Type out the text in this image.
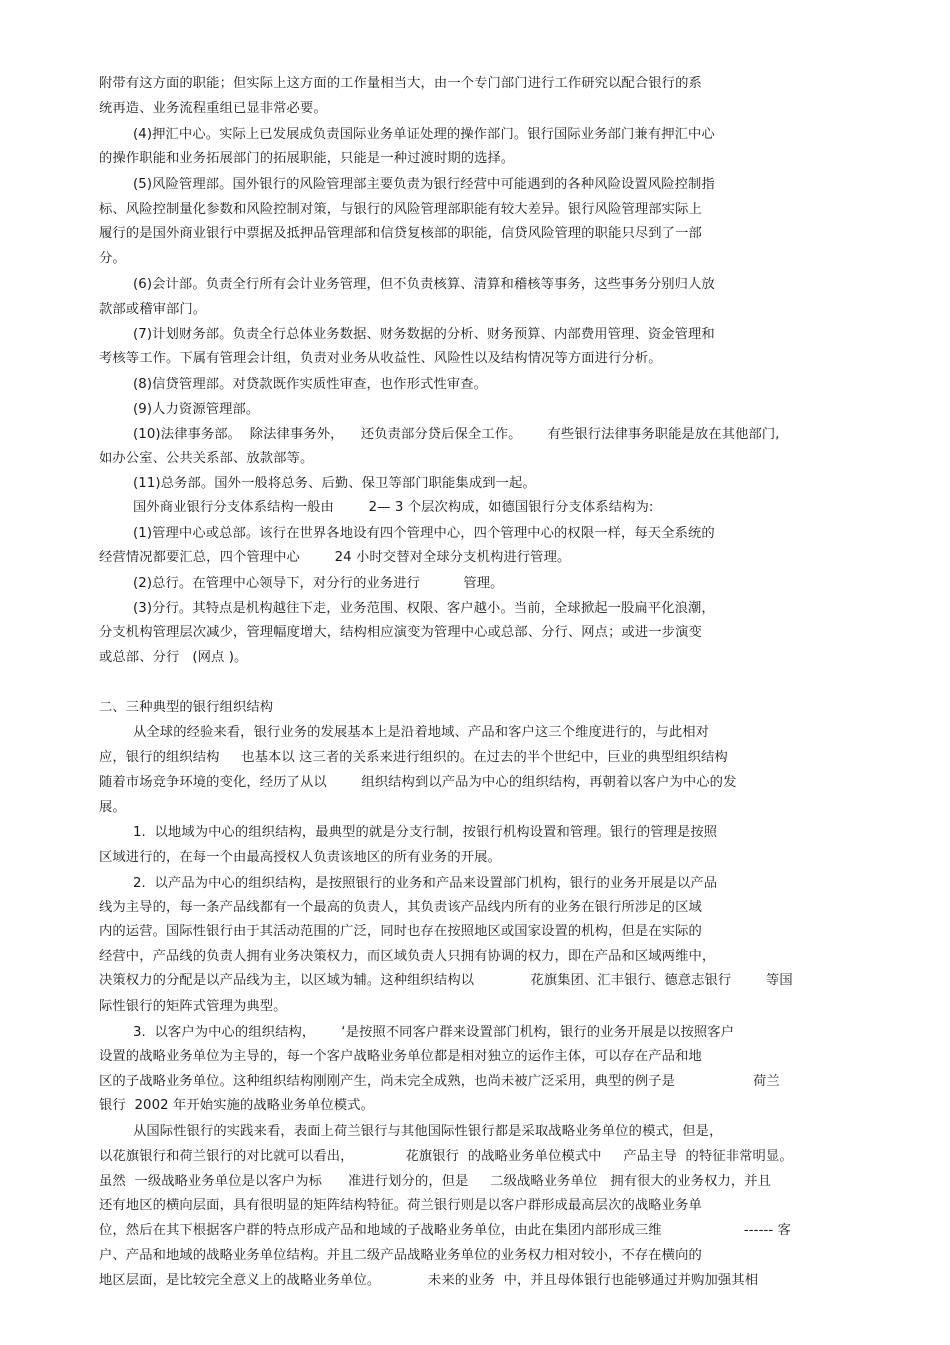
附带有这方面的职能；但实际上这方面的工作量相当大，由一个专门部门进行工作研究以配合银行的系
统再造、业务流程重组已显非常必要。
(4)押汇中心。实际上已发展成负责国际业务单证处理的操作部门。银行国际业务部门兼有押汇中心
的操作职能和业务拓展部门的拓展职能，只能是一种过渡时期的选择。
(5)风险管理部。国外银行的风险管理部主要负责为银行经营中可能遇到的各种风险设置风险控制指
标、风险控制量化参数和风险控制对策，与银行的风险管理部职能有较大差异。银行风险管理部实际上
履行的是国外商业银行中票据及抵押品管理部和信贷复核部的职能，信贷风险管理的职能只尽到了一部
分。
(6)会计部。负责全行所有会计业务管理，但不负责核算、清算和稽核等事务，这些事务分别归人放
款部或稽审部门。
(7)计划财务部。负责全行总体业务数据、财务数据的分析、财务预算、内部费用管理、资金管理和
考核等工作。下属有管理会计组，负责对业务从收益性、风险性以及结构情况等方面进行分析。
(8)信贷管理部。对贷款既作实质性审查，也作形式性审查。
(9)人力资源管理部。
(10)法律事务部。  除法律事务外，    还负责部分贷后保全工作。      有些银行法律事务职能是放在其他部门,
如办公室、公共关系部、放款部等。
(11)总务部。国外一般将总务、后勤、保卫等部门职能集成到一起。
国外商业银行分支体系结构一般由        2— 3 个层次构成，如德国银行分支体系结构为:
(1)管理中心或总部。该行在世界各地设有四个管理中心，四个管理中心的权限一样，每天全系统的
经营情况都要汇总，四个管理中心        24 小时交替对全球分支机构进行管理。
(2)总行。在管理中心领导下，对分行的业务进行          管理。
(3)分行。其特点是机构越往下走，业务范围、权限、客户越小。当前，全球掀起一股扁平化浪潮，
分支机构管理层次减少，管理幅度增大，结构相应演变为管理中心或总部、分行、网点；或进一步演变
或总部、分行   (网点 )。
二、三种典型的银行组织结构
从全球的经验来看，银行业务的发展基本上是沿着地域、产品和客户这三个维度进行的，与此相对
应，银行的组织结构     也基本以 这三者的关系来进行组织的。在过去的半个世纪中，巨业的典型组织结构
随着市场竞争环境的变化，经历了从以        组织结构到以产品为中心的组织结构，再朝着以客户为中心的发
展。
1.  以地域为中心的组织结构，最典型的就是分支行制，按银行机构设置和管理。银行的管理是按照
区域进行的，在每一个由最高授权人负责该地区的所有业务的开展。
2.  以产品为中心的组织结构，是按照银行的业务和产品来设置部门机构，银行的业务开展是以产品
线为主导的，每一条产品线都有一个最高的负责人，其负责该产品线内所有的业务在银行所涉足的区域
内的运营。国际性银行由于其活动范围的广泛，同时也存在按照地区或国家设置的机构，但是在实际的
经营中，产品线的负责人拥有业务决策权力，而区域负责人只拥有协调的权力，即在产品和区域两维中，
决策权力的分配是以产品线为主，以区域为辅。这种组织结构以             花旗集团、汇丰银行、德意志银行        等国
际性银行的矩阵式管理为典型。
3.  以客户为中心的组织结构，      ‘是按照不同客户群来设置部门机构，银行的业务开展是以按照客户
设置的战略业务单位为主导的，每一个客户战略业务单位都是相对独立的运作主体，可以存在产品和地
区的子战略业务单位。这种组织结构刚刚产生，尚未完全成熟，也尚未被广泛采用，典型的例子是                  荷兰
银行  2002 年开始实施的战略业务单位模式。
从国际性银行的实践来看，表面上荷兰银行与其他国际性银行都是采取战略业务单位的模式，但是，
以花旗银行和荷兰银行的对比就可以看出，            花旗银行  的战略业务单位模式中     产品主导  的特征非常明显。
虽然  一级战略业务单位是以客户为标      准进行划分的，但是     二级战略业务单位   拥有很大的业务权力，并且
还有地区的横向层面，具有很明显的矩阵结构特征。荷兰银行则是以客户群形成最高层次的战略业务单
位，然后在其下根据客户群的特点形成产品和地域的子战略业务单位，由此在集团内部形成三维                   ------ 客
户、产品和地域的战略业务单位结构。并且二级产品战略业务单位的业务权力相对较小，不存在横向的
地区层面，是比较完全意义上的战略业务单位。           未来的业务  中，并且母体银行也能够通过并购加强其相
